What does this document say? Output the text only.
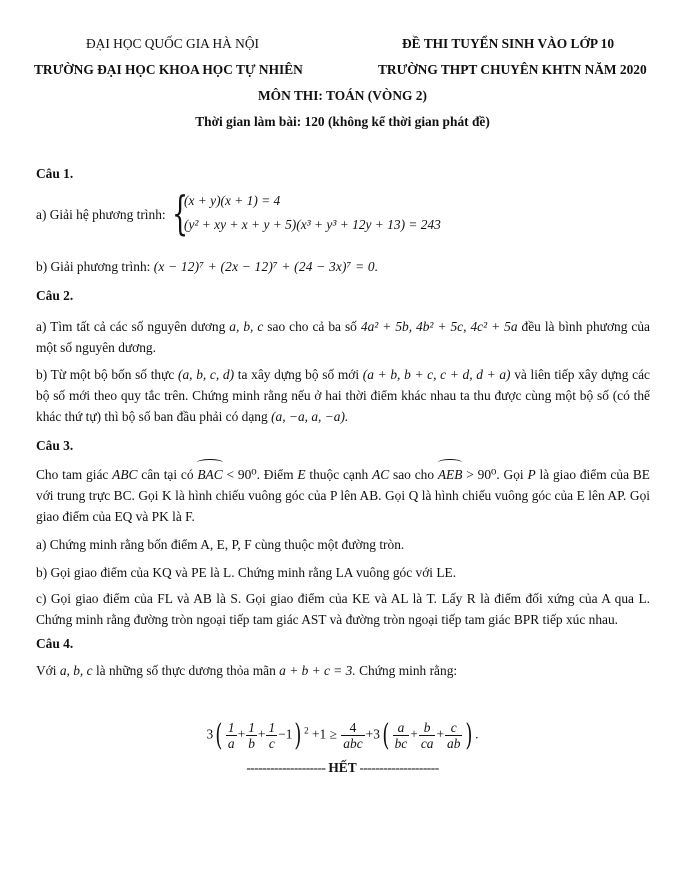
ĐẠI HỌC QUỐC GIA HÀ NỘI
TRƯỜNG ĐẠI HỌC KHOA HỌC TỰ NHIÊN
ĐỀ THI TUYỂN SINH VÀO LỚP 10
TRƯỜNG THPT CHUYÊN KHTN NĂM 2020
MÔN THI: TOÁN (VÒNG 2)
Thời gian làm bài: 120 (không kể thời gian phát đề)
Câu 1.
a) Giải hệ phương trình: {
(x + y)(x + 1) = 4
(y² + xy + x + y + 5)(x³ + y³ + 12y + 13) = 243
b) Giải phương trình: (x − 12)⁷ + (2x − 12)⁷ + (24 − 3x)⁷ = 0.
Câu 2.
a) Tìm tất cả các số nguyên dương a, b, c sao cho cả ba số 4a² + 5b, 4b² + 5c, 4c² + 5a đều là bình phương của một số nguyên dương.
b) Từ một bộ bốn số thực (a, b, c, d) ta xây dựng bộ số mới (a + b, b + c, c + d, d + a) và liên tiếp xây dựng các bộ số mới theo quy tắc trên. Chứng minh rằng nếu ở hai thời điểm khác nhau ta thu được cùng một bộ số (có thể khác thứ tự) thì bộ số ban đầu phải có dạng (a, −a, a, −a).
Câu 3.
Cho tam giác ABC cân tại có BAC < 90⁰. Điểm E thuộc cạnh AC sao cho AEB > 90⁰. Gọi P là giao điểm của BE với trung trực BC. Gọi K là hình chiếu vuông góc của P lên AB. Gọi Q là hình chiếu vuông góc của E lên AP. Gọi giao điểm của EQ và PK là F.
a) Chứng minh rằng bốn điểm A, E, P, F cùng thuộc một đường tròn.
b) Gọi giao điểm của KQ và PE là L. Chứng minh rằng LA vuông góc với LE.
c) Gọi giao điểm của FL và AB là S. Gọi giao điểm của KE và AL là T. Lấy R là điểm đối xứng của A qua L. Chứng minh rằng đường tròn ngoại tiếp tam giác AST và đường tròn ngoại tiếp tam giác BPR tiếp xúc nhau.
Câu 4.
Với a, b, c là những số thực dương thỏa mãn a + b + c = 3. Chứng minh rằng:
$3( \frac{1}{a} + \frac{1}{b} + \frac{1}{c} -1)$ $^2 +1 \ge \frac{4}{\text{abc}} +3( \frac{a}{bc} + \frac{b}{ca} + \frac{c}{ab}$ ) .
-------------------- HẾT --------------------
